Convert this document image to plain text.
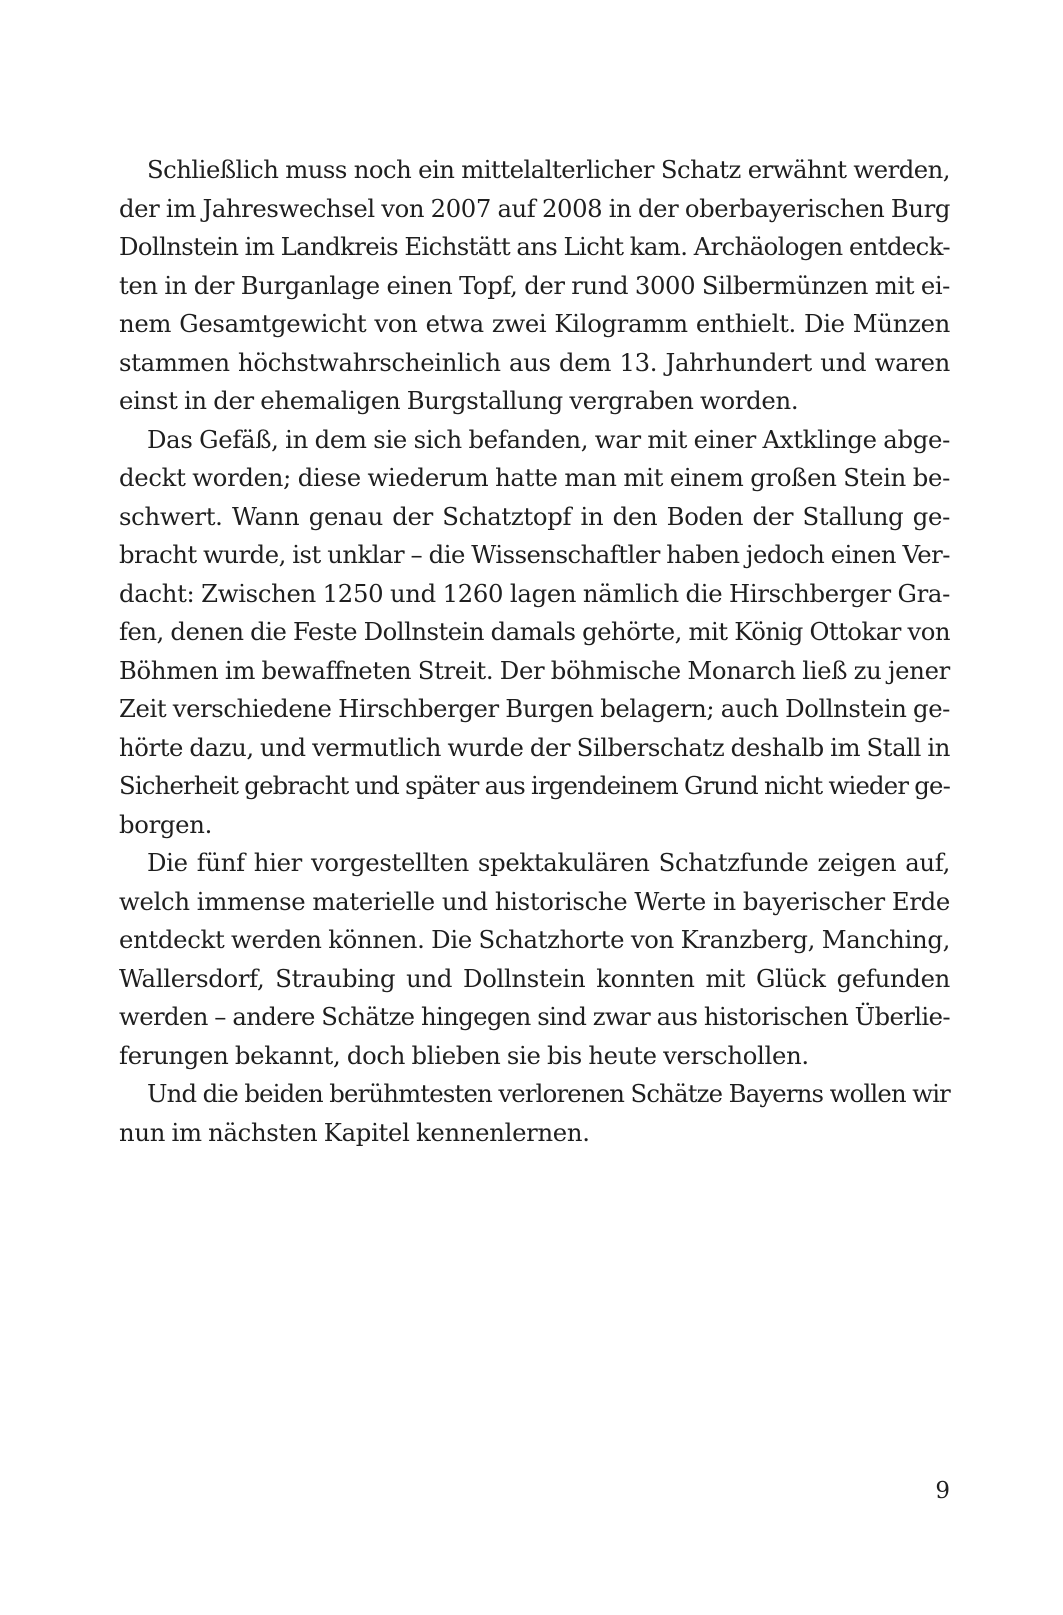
Schließlich muss noch ein mittelalterlicher Schatz erwähnt werden,
der im Jahreswechsel von 2007 auf 2008 in der oberbayerischen Burg
Dollnstein im Landkreis Eichstätt ans Licht kam. Archäologen entdeck-
ten in der Burganlage einen Topf, der rund 3000 Silbermünzen mit ei-
nem Gesamtgewicht von etwa zwei Kilogramm enthielt. Die Münzen
stammen höchstwahrscheinlich aus dem 13. Jahrhundert und waren
einst in der ehemaligen Burgstallung vergraben worden.

Das Gefäß, in dem sie sich befanden, war mit einer Axtklinge abge-
deckt worden; diese wiederum hatte man mit einem großen Stein be-
schwert. Wann genau der Schatztopf in den Boden der Stallung ge-
bracht wurde, ist unklar – die Wissenschaftler haben jedoch einen Ver-
dacht: Zwischen 1250 und 1260 lagen nämlich die Hirschberger Gra-
fen, denen die Feste Dollnstein damals gehörte, mit König Ottokar von
Böhmen im bewaffneten Streit. Der böhmische Monarch ließ zu jener
Zeit verschiedene Hirschberger Burgen belagern; auch Dollnstein ge-
hörte dazu, und vermutlich wurde der Silberschatz deshalb im Stall in
Sicherheit gebracht und später aus irgendeinem Grund nicht wieder ge-
borgen.

Die fünf hier vorgestellten spektakulären Schatzfunde zeigen auf,
welch immense materielle und historische Werte in bayerischer Erde
entdeckt werden können. Die Schatzhorte von Kranzberg, Manching,
Wallersdorf, Straubing und Dollnstein konnten mit Glück gefunden
werden – andere Schätze hingegen sind zwar aus historischen Überlie-
ferungen bekannt, doch blieben sie bis heute verschollen.

Und die beiden berühmtesten verlorenen Schätze Bayerns wollen wir
nun im nächsten Kapitel kennenlernen.

9
